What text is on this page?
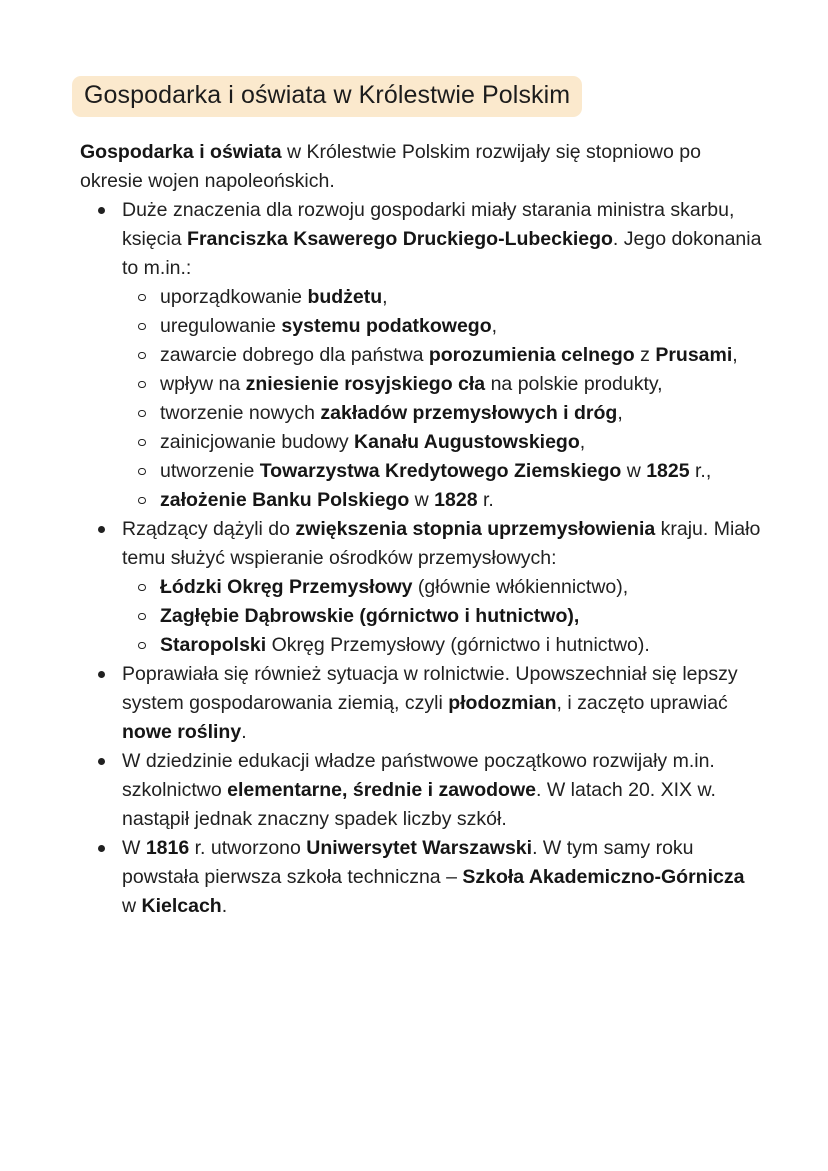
Gospodarka i oświata w Królestwie Polskim

Gospodarka i oświata w Królestwie Polskim rozwijały się stopniowo po okresie wojen napoleońskich.

Duże znaczenia dla rozwoju gospodarki miały starania ministra skarbu, księcia Franciszka Ksawerego Druckiego-Lubeckiego. Jego dokonania to m.in.:
uporządkowanie budżetu,
uregulowanie systemu podatkowego,
zawarcie dobrego dla państwa porozumienia celnego z Prusami,
wpływ na zniesienie rosyjskiego cła na polskie produkty,
tworzenie nowych zakładów przemysłowych i dróg,
zainicjowanie budowy Kanału Augustowskiego,
utworzenie Towarzystwa Kredytowego Ziemskiego w 1825 r.,
założenie Banku Polskiego w 1828 r.
Rządzący dążyli do zwiększenia stopnia uprzemysłowienia kraju. Miało temu służyć wspieranie ośrodków przemysłowych:
Łódzki Okręg Przemysłowy (głównie włókiennictwo),
Zagłębie Dąbrowskie (górnictwo i hutnictwo),
Staropolski Okręg Przemysłowy (górnictwo i hutnictwo).
Poprawiała się również sytuacja w rolnictwie. Upowszechniał się lepszy system gospodarowania ziemią, czyli płodozmian, i zaczęto uprawiać nowe rośliny.
W dziedzinie edukacji władze państwowe początkowo rozwijały m.in. szkolnictwo elementarne, średnie i zawodowe. W latach 20. XIX w. nastąpił jednak znaczny spadek liczby szkół.
W 1816 r. utworzono Uniwersytet Warszawski. W tym samy roku powstała pierwsza szkoła techniczna – Szkoła Akademiczno-Górnicza w Kielcach.
